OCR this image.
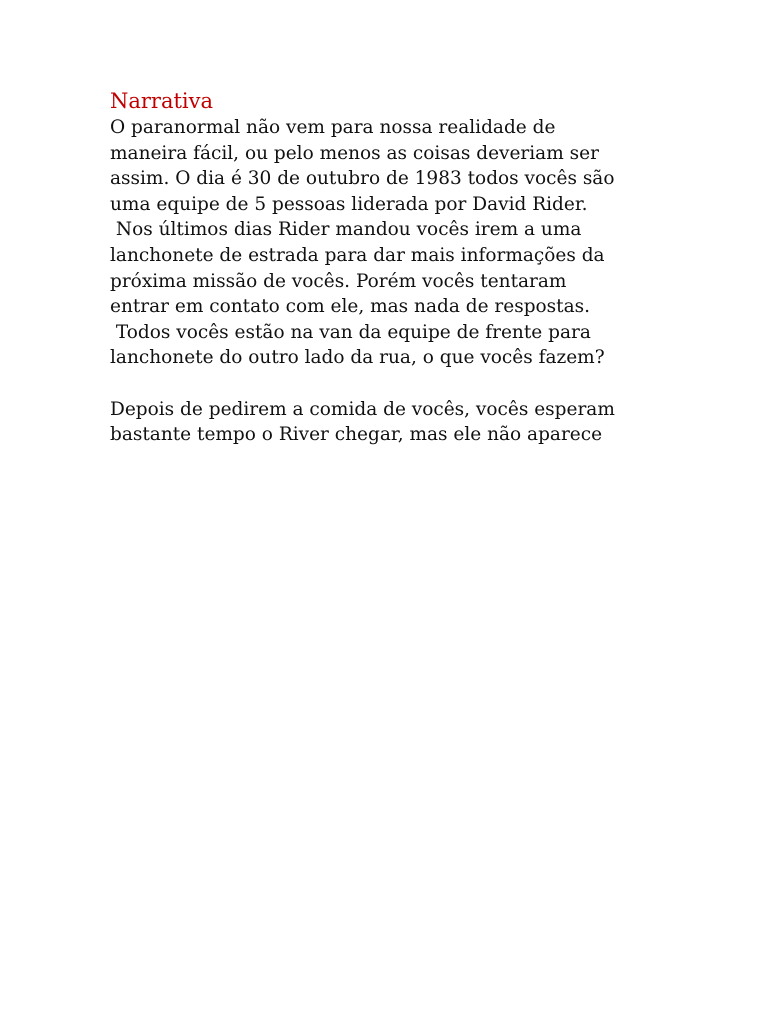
Narrativa
O paranormal não vem para nossa realidade de
maneira fácil, ou pelo menos as coisas deveriam ser
assim. O dia é 30 de outubro de 1983 todos vocês são
uma equipe de 5 pessoas liderada por David Rider.
Nos últimos dias Rider mandou vocês irem a uma
lanchonete de estrada para dar mais informações da
próxima missão de vocês. Porém vocês tentaram
entrar em contato com ele, mas nada de respostas.
Todos vocês estão na van da equipe de frente para
lanchonete do outro lado da rua, o que vocês fazem?
Depois de pedirem a comida de vocês, vocês esperam
bastante tempo o River chegar, mas ele não aparece
